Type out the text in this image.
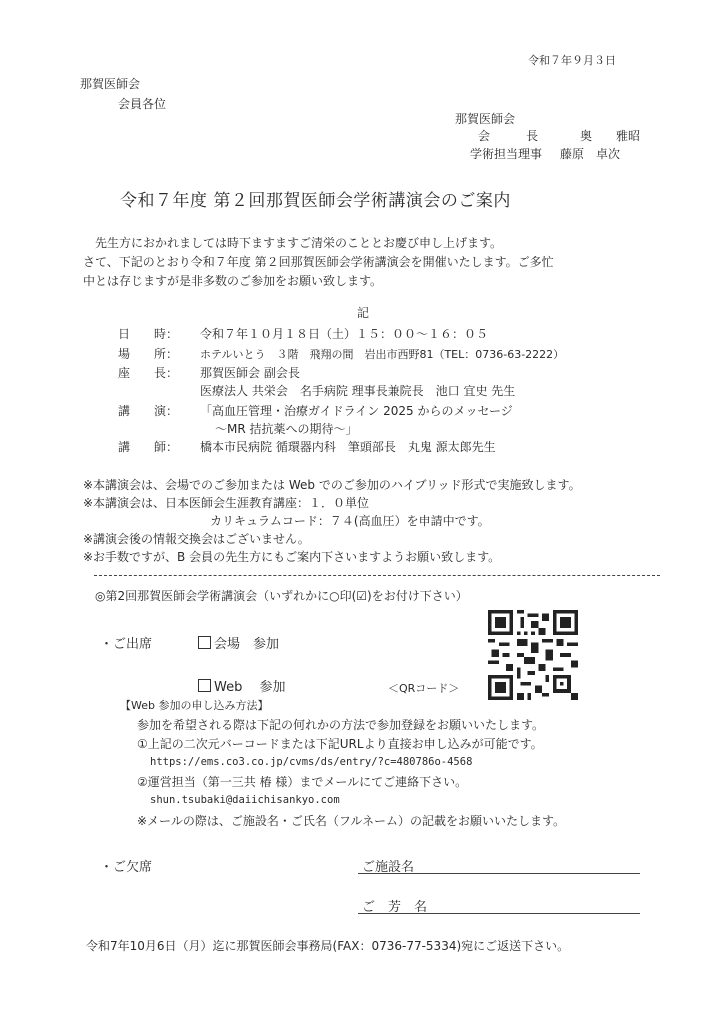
令和７年９月３日
那賀医師会
会員各位
那賀医師会
会　　　長	奥　　雅昭
学術担当理事 藤原　卓次
令和７年度 第２回那賀医師会学術講演会のご案内
先生方におかれましては時下ますますご清栄のこととお慶び申し上げます。
さて、下記のとおり令和７年度 第２回那賀医師会学術講演会を開催いたします。ご多忙
中とは存じますが是非多数のご参加をお願い致します。
記
日　　時： 令和７年１０月１８日（土）１５：００～１６：０５
場　　所： ホテルいとう　３階　飛翔の間　岩出市西野81（TEL：0736-63-2222）
座　　長： 那賀医師会 副会長
医療法人 共栄会　名手病院 理事長兼院長　池口 宜史 先生
講　　演： 「高血圧管理・治療ガイドライン 2025 からのメッセージ
～MR 拮抗薬への期待～」
講　　師： 橋本市民病院 循環器内科　筆頭部長　丸鬼 源太郎先生
※本講演会は、会場でのご参加または Web でのご参加のハイブリッド形式で実施致します。
※本講演会は、日本医師会生涯教育講座：１．０単位
カリキュラムコード：７４(高血圧）を申請中です。
※講演会後の情報交換会はございません。
※お手数ですが、B 会員の先生方にもご案内下さいますようお願い致します。
◎第2回那賀医師会学術講演会（いずれかに○印(☑)をお付け下さい）
・ご出席	会場　参加
Web　 参加	＜QRコード＞
【Web 参加の申し込み方法】
参加を希望される際は下記の何れかの方法で参加登録をお願いいたします。
①上記の二次元バーコードまたは下記URLより直接お申し込みが可能です。
https://ems.co3.co.jp/cvms/ds/entry/?c=480786o-4568
②運営担当（第一三共 椿 様）までメールにてご連絡下さい。
shun.tsubaki@daiichisankyo.com
※メールの際は、ご施設名・ご氏名（フルネーム）の記載をお願いいたします。
・ご欠席	ご施設名
ご　芳　名
令和7年10月6日（月）迄に那賀医師会事務局(FAX：0736-77-5334)宛にご返送下さい。
